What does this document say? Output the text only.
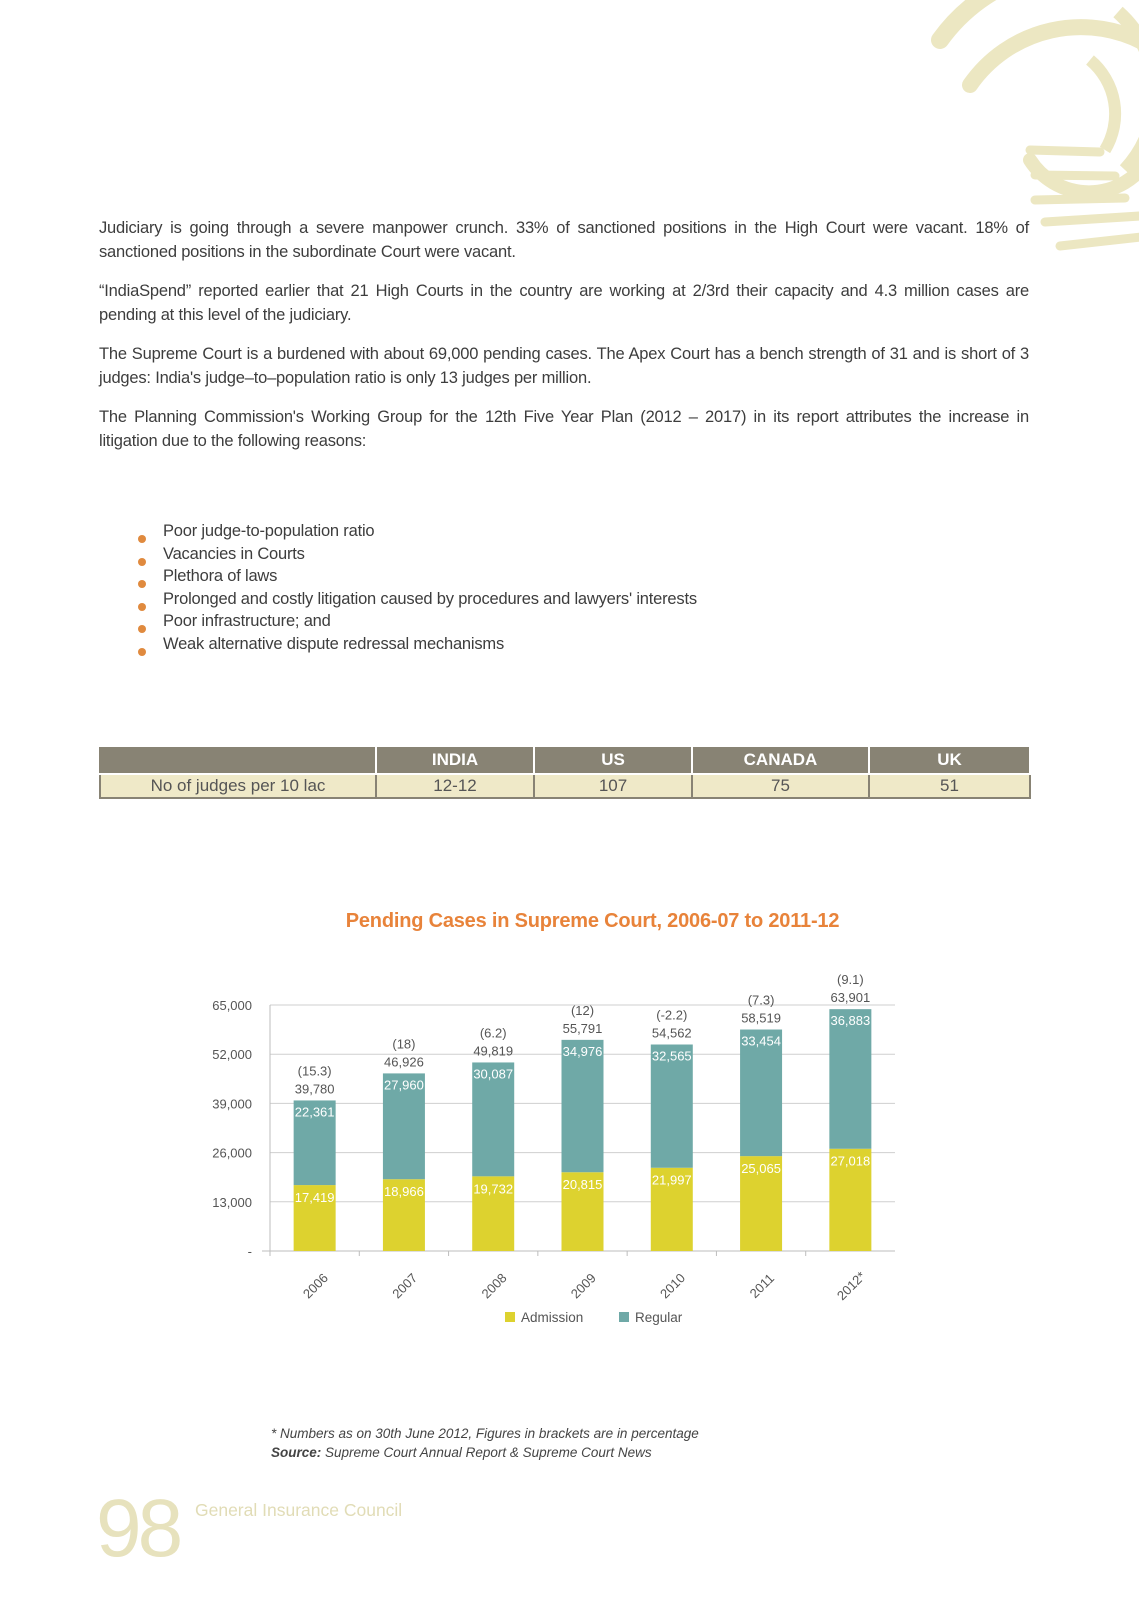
Judiciary is going through a severe manpower crunch. 33% of sanctioned positions in the High Court were vacant. 18% of sanctioned positions in the subordinate Court were vacant.

“IndiaSpend” reported earlier that 21 High Courts in the country are working at 2/3rd their capacity and 4.3 million cases are pending at this level of the judiciary.

The Supreme Court is a burdened with about 69,000 pending cases. The Apex Court has a bench strength of 31 and is short of 3 judges: India's judge–to–population ratio is only 13 judges per million.

The Planning Commission's Working Group for the 12th Five Year Plan (2012 – 2017) in its report attributes the increase in litigation due to the following reasons:

Poor judge-to-population ratio
Vacancies in Courts
Plethora of laws
Prolonged and costly litigation caused by procedures and lawyers' interests
Poor infrastructure; and
Weak alternative dispute redressal mechanisms
	INDIA	US	CANADA	UK
No of judges per 10 lac	12-12	107	75	51
Pending Cases in Supreme Court, 2006-07 to 2011-12
-
13,000
26,000
39,000
52,000
65,000
17,419
22,361
39,780
(15.3)
2006
18,966
27,960
46,926
(18)
2007
19,732
30,087
49,819
(6.2)
2008
20,815
34,976
55,791
(12)
2009
21,997
32,565
54,562
(-2.2)
2010
25,065
33,454
58,519
(7.3)
2011
27,018
36,883
63,901
(9.1)
2012*
Admission	Regular
* Numbers as on 30th June 2012, Figures in brackets are in percentage
Source: Supreme Court Annual Report & Supreme Court News
98 General Insurance Council
